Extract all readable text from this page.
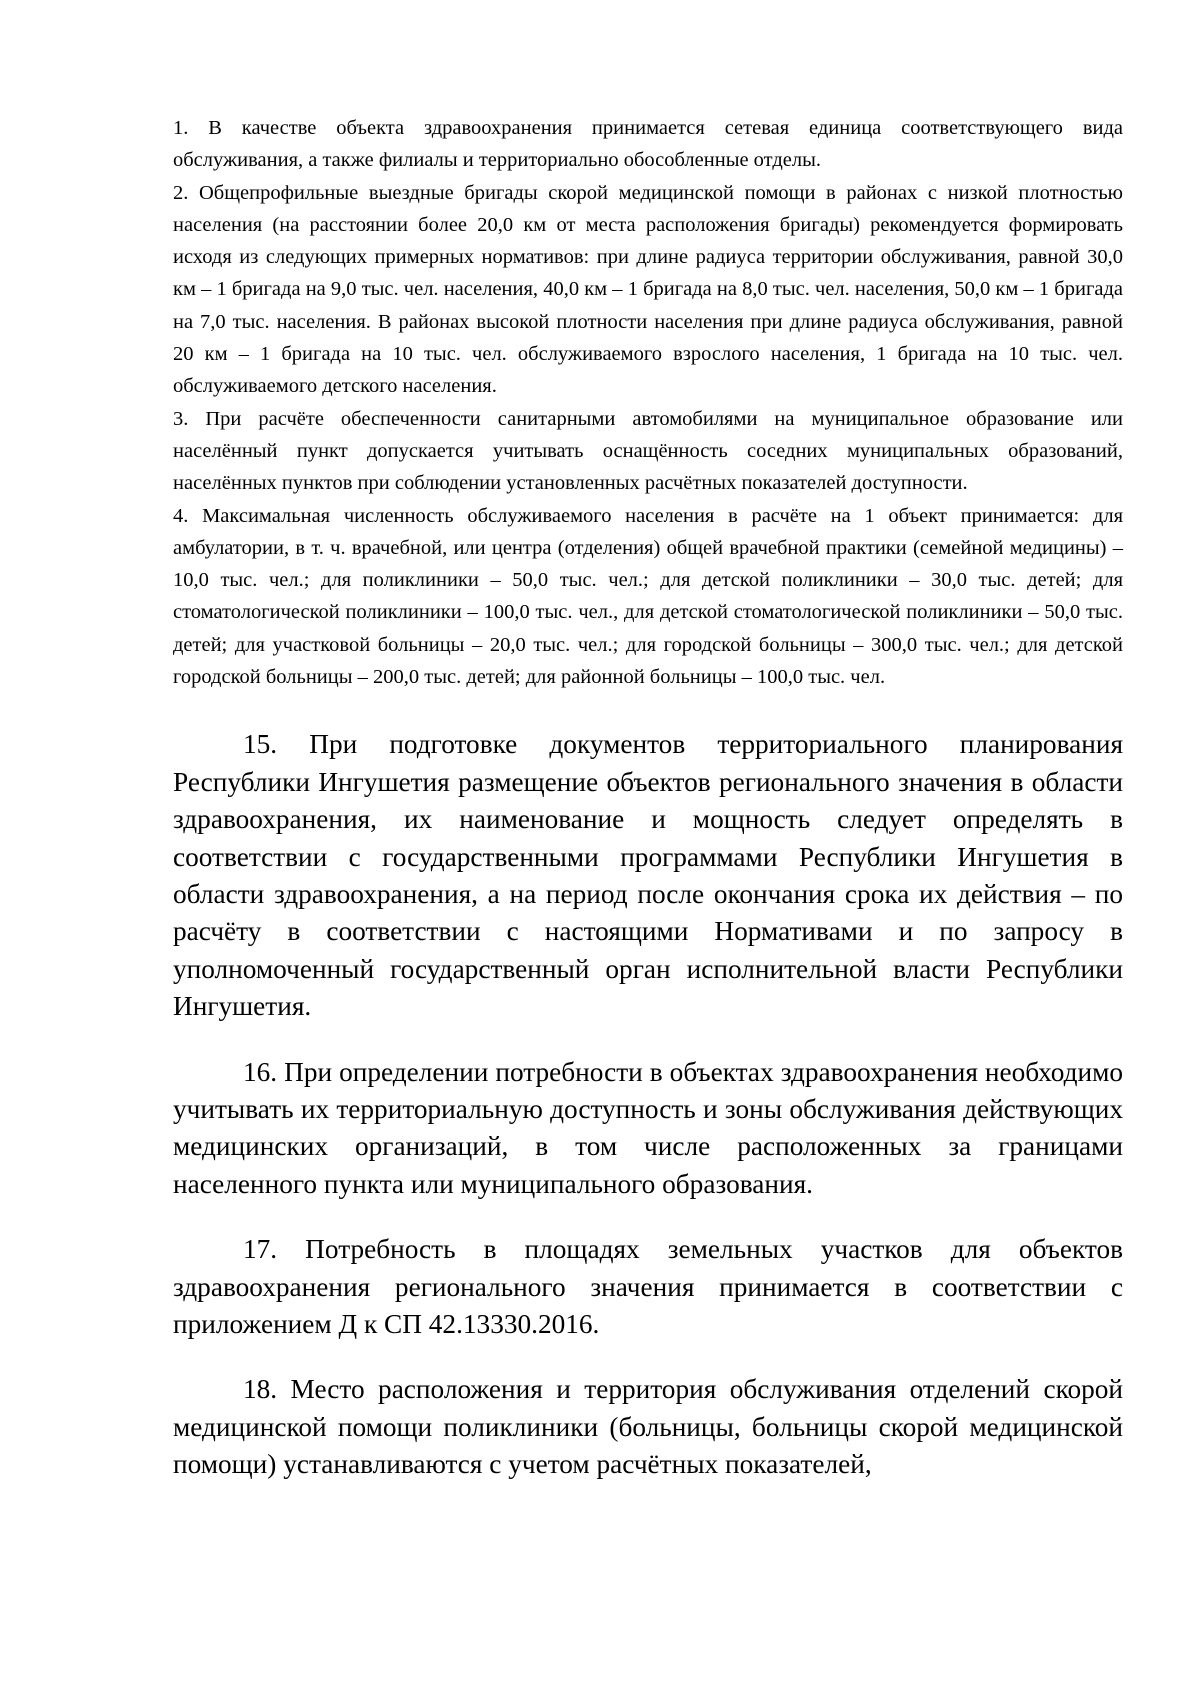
1. В качестве объекта здравоохранения принимается сетевая единица соответствующего вида обслуживания, а также филиалы и территориально обособленные отделы.

2. Общепрофильные выездные бригады скорой медицинской помощи в районах с низкой плотностью населения (на расстоянии более 20,0 км от места расположения бригады) рекомендуется формировать исходя из следующих примерных нормативов: при длине радиуса территории обслуживания, равной 30,0 км – 1 бригада на 9,0 тыс. чел. населения, 40,0 км – 1 бригада на 8,0 тыс. чел. населения, 50,0 км – 1 бригада на 7,0 тыс. населения. В районах высокой плотности населения при длине радиуса обслуживания, равной 20 км – 1 бригада на 10 тыс. чел. обслуживаемого взрослого населения, 1 бригада на 10 тыс. чел. обслуживаемого детского населения.

3. При расчёте обеспеченности санитарными автомобилями на муниципальное образование или населённый пункт допускается учитывать оснащённость соседних муниципальных образований, населённых пунктов при соблюдении установленных расчётных показателей доступности.

4. Максимальная численность обслуживаемого населения в расчёте на 1 объект принимается: для амбулатории, в т. ч. врачебной, или центра (отделения) общей врачебной практики (семейной медицины) – 10,0 тыс. чел.; для поликлиники – 50,0 тыс. чел.; для детской поликлиники – 30,0 тыс. детей; для стоматологической поликлиники – 100,0 тыс. чел., для детской стоматологической поликлиники – 50,0 тыс. детей; для участковой больницы – 20,0 тыс. чел.; для городской больницы – 300,0 тыс. чел.; для детской городской больницы – 200,0 тыс. детей; для районной больницы – 100,0 тыс. чел.

15. При подготовке документов территориального планирования Республики Ингушетия размещение объектов регионального значения в области здравоохранения, их наименование и мощность следует определять в соответствии с государственными программами Республики Ингушетия в области здравоохранения, а на период после окончания срока их действия – по расчёту в соответствии с настоящими Нормативами и по запросу в уполномоченный государственный орган исполнительной власти Республики Ингушетия.

16. При определении потребности в объектах здравоохранения необходимо учитывать их территориальную доступность и зоны обслуживания действующих медицинских организаций, в том числе расположенных за границами населенного пункта или муниципального образования.

17. Потребность в площадях земельных участков для объектов здравоохранения регионального значения принимается в соответствии с приложением Д к СП 42.13330.2016.

18. Место расположения и территория обслуживания отделений скорой медицинской помощи поликлиники (больницы, больницы скорой медицинской помощи) устанавливаются с учетом расчётных показателей,
